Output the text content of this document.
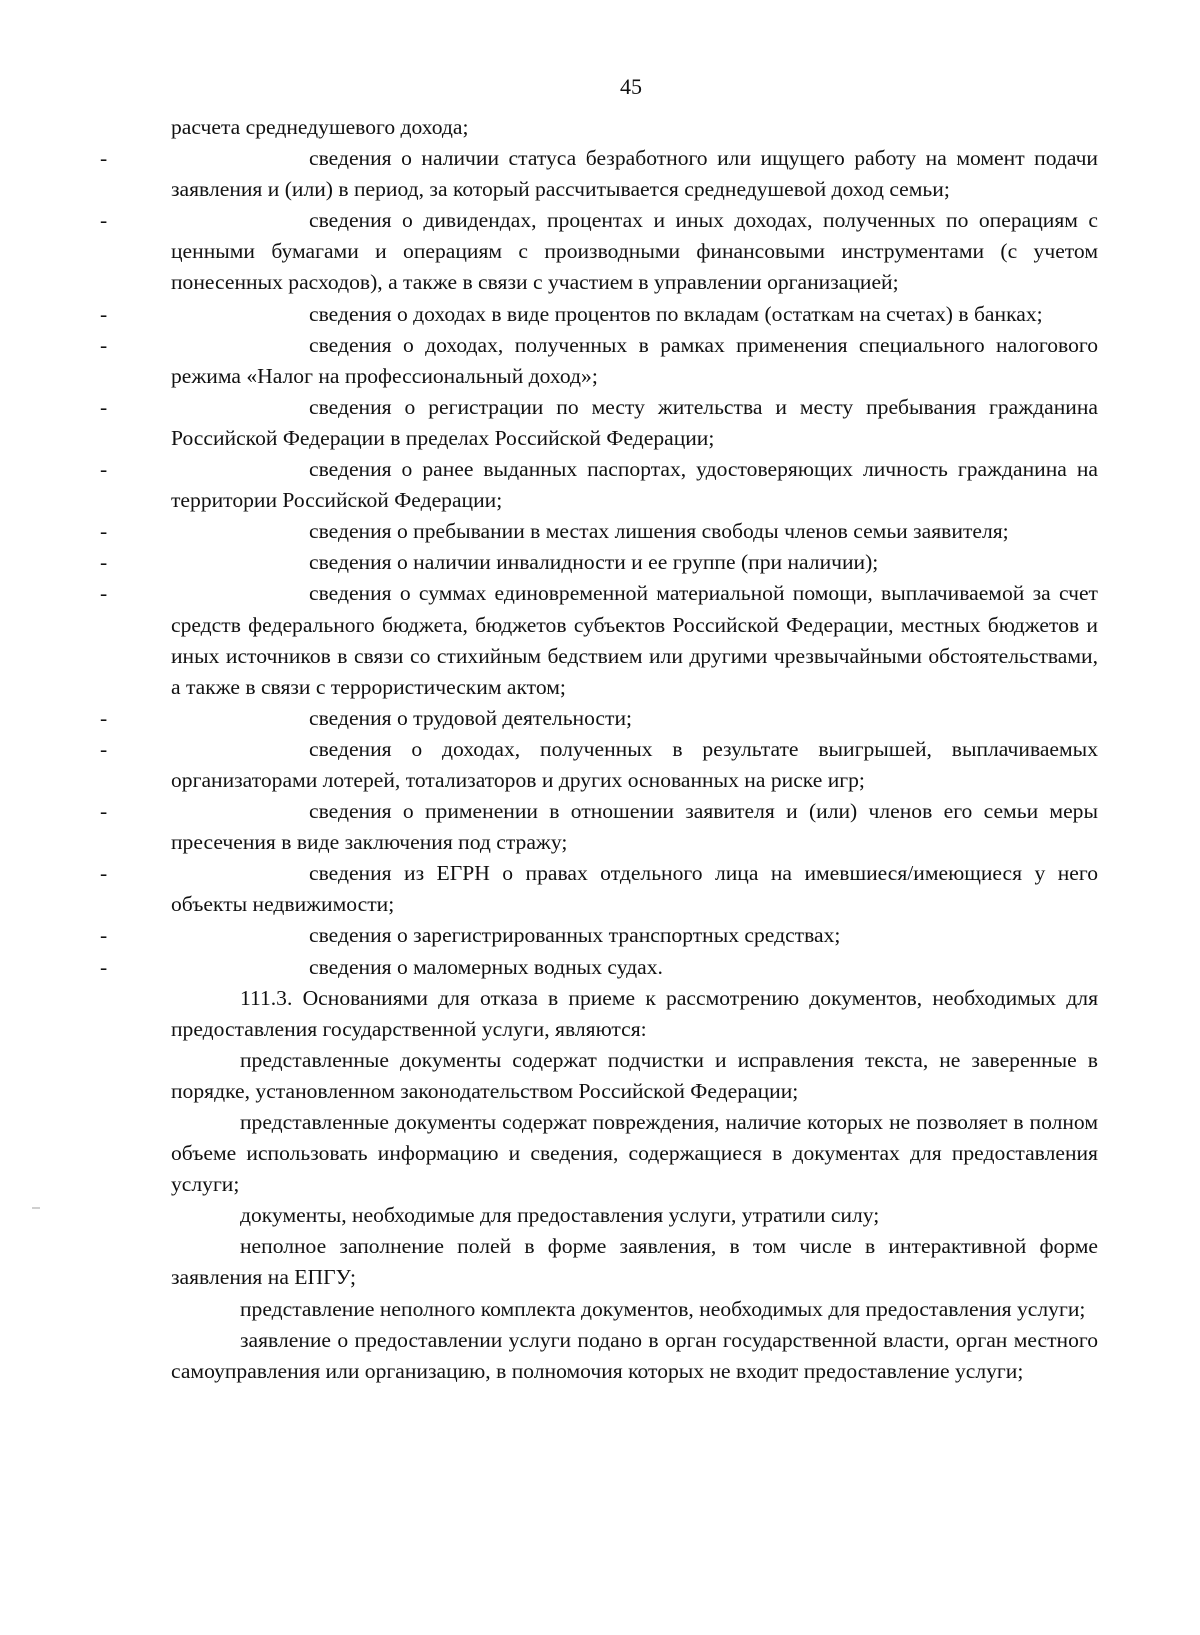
45

расчета среднедушевого дохода;

-	сведения о наличии статуса безработного или ищущего работу на момент подачи заявления и (или) в период, за который рассчитывается среднедушевой доход семьи;

-	сведения о дивидендах, процентах и иных доходах, полученных по операциям с ценными бумагами и операциям с производными финансовыми инструментами (с учетом понесенных расходов), а также в связи с участием в управлении организацией;

-	сведения о доходах в виде процентов по вкладам (остаткам на счетах) в банках;

-	сведения о доходах, полученных в рамках применения специального налогового режима «Налог на профессиональный доход»;

-	сведения о регистрации по месту жительства и месту пребывания гражданина Российской Федерации в пределах Российской Федерации;

-	сведения о ранее выданных паспортах, удостоверяющих личность гражданина на территории Российской Федерации;

-	сведения о пребывании в местах лишения свободы членов семьи заявителя;

-	сведения о наличии инвалидности и ее группе (при наличии);

-	сведения о суммах единовременной материальной помощи, выплачиваемой за счет средств федерального бюджета, бюджетов субъектов Российской Федерации, местных бюджетов и иных источников в связи со стихийным бедствием или другими чрезвычайными обстоятельствами, а также в связи с террористическим актом;

-	сведения о трудовой деятельности;

-	сведения о доходах, полученных в результате выигрышей, выплачиваемых организаторами лотерей, тотализаторов и других основанных на риске игр;

-	сведения о применении в отношении заявителя и (или) членов его семьи меры пресечения в виде заключения под стражу;

-	сведения из ЕГРН о правах отдельного лица на имевшиеся/имеющиеся у него объекты недвижимости;

-	сведения о зарегистрированных транспортных средствах;

-	сведения о маломерных водных судах.

111.3. Основаниями для отказа в приеме к рассмотрению документов, необходимых для предоставления государственной услуги, являются:

представленные документы содержат подчистки и исправления текста, не заверенные в порядке, установленном законодательством Российской Федерации;

представленные документы содержат повреждения, наличие которых не позволяет в полном объеме использовать информацию и сведения, содержащиеся в документах для предоставления услуги;

документы, необходимые для предоставления услуги, утратили силу;

неполное заполнение полей в форме заявления, в том числе в интерактивной форме заявления на ЕПГУ;

представление неполного комплекта документов, необходимых для предоставления услуги;

заявление о предоставлении услуги подано в орган государственной власти, орган местного самоуправления или организацию, в полномочия которых не входит предоставление услуги;
